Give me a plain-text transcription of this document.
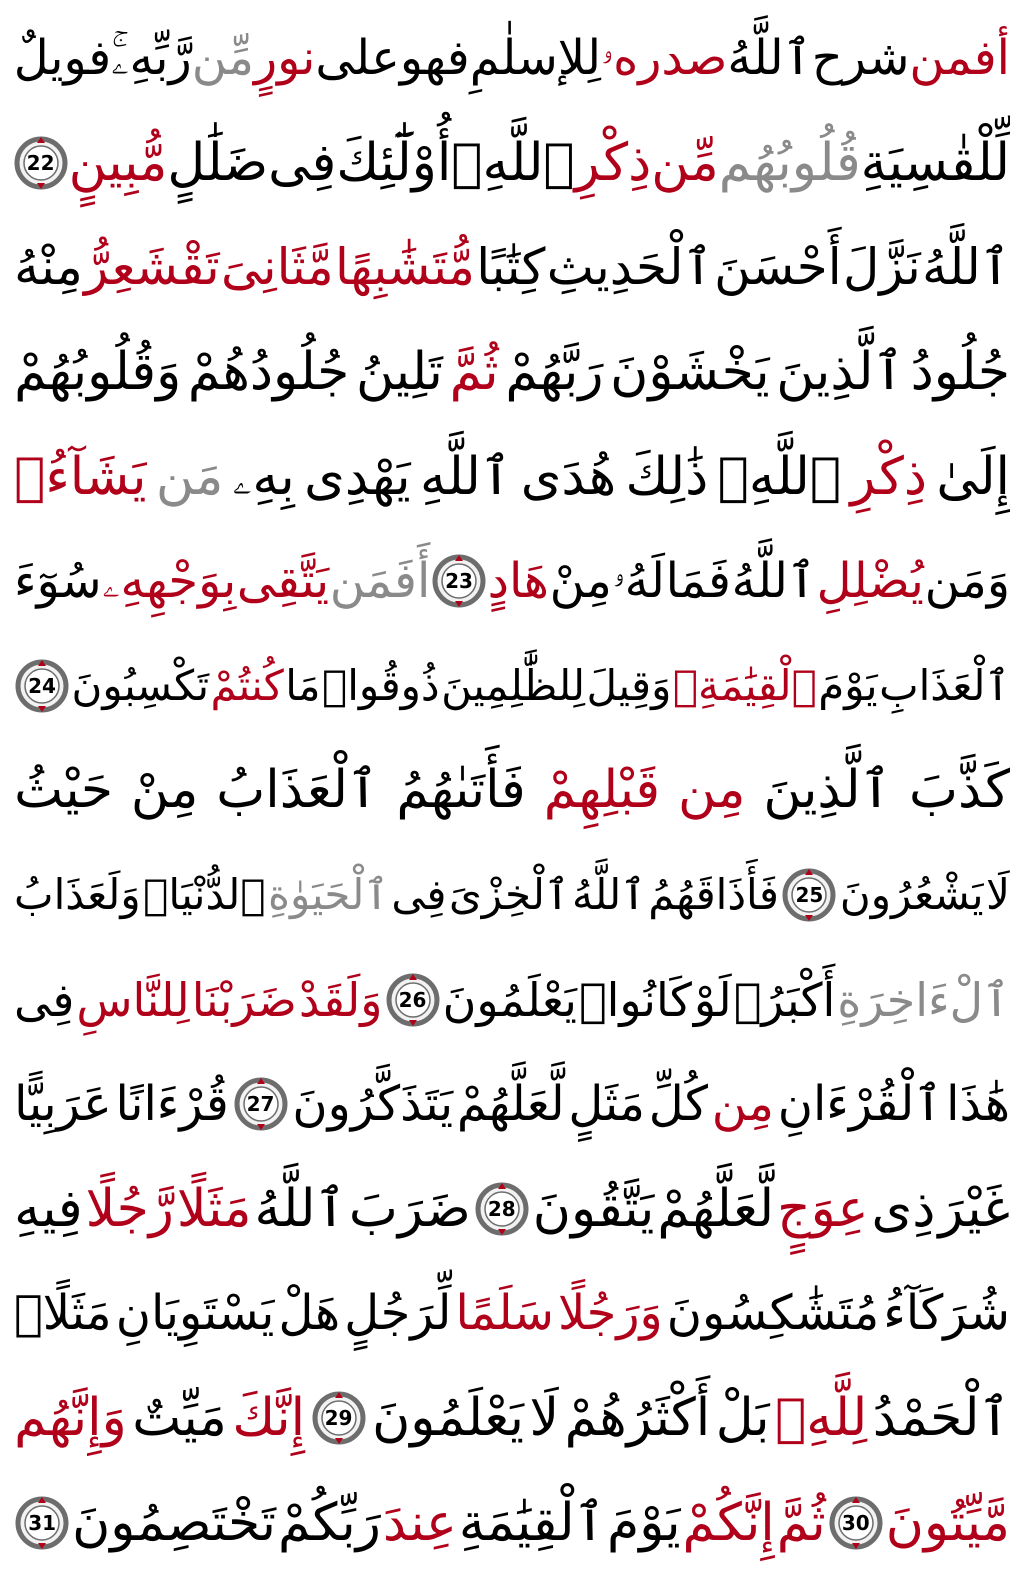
أفمن
شرح
ٱللَّهُ
صدرهۥ
لِلإسلٰمِ
فهو
على
نورٍ
مِّن
رَّبِّهِۦۚ
فويلٌ
لِّلْقٰسِيَةِ
قُلُوبُهُم
مِّن
ذِكْرِ
ٱللَّهِۚ
أُوْلَٰٓئِكَ
فِى
ضَلَٰلٍ
مُّبِينٍ
22
ٱللَّهُ
نَزَّلَ
أَحْسَنَ
ٱلْحَدِيثِ
كِتَٰبًا
مُّتَشَٰبِهًا
مَّثَانِىَ
تَقْشَعِرُّ
مِنْهُ
جُلُودُ
ٱلَّذِينَ
يَخْشَوْنَ
رَبَّهُمْ
ثُمَّ
تَلِينُ
جُلُودُهُمْ
وَقُلُوبُهُمْ
إِلَىٰ
ذِكْرِ
ٱللَّهِۚ
ذَٰلِكَ
هُدَى
ٱللَّهِ
يَهْدِى
بِهِۦ
مَن
يَشَآءُۚ
وَمَن
يُضْلِلِ
ٱللَّهُ
فَمَا
لَهُۥ
مِنْ
هَادٍ
23
أَفَمَن
يَتَّقِى
بِوَجْهِهِۦ
سُوٓءَ
ٱلْعَذَابِ
يَوْمَ
ٱلْقِيَٰمَةِۚ
وَقِيلَ
لِلظَّٰلِمِينَ
ذُوقُوا۟
مَا
كُنتُمْ
تَكْسِبُونَ
24
كَذَّبَ
ٱلَّذِينَ
مِن
قَبْلِهِمْ
فَأَتَىٰهُمُ
ٱلْعَذَابُ
مِنْ
حَيْثُ
لَا
يَشْعُرُونَ
25
فَأَذَاقَهُمُ
ٱللَّهُ
ٱلْخِزْىَ
فِى
ٱلْحَيَوٰةِ
ٱلدُّنْيَاۖ
وَلَعَذَابُ
ٱلْءَاخِرَةِ
أَكْبَرُۚ
لَوْ
كَانُوا۟
يَعْلَمُونَ
26
وَلَقَدْ
ضَرَبْنَا
لِلنَّاسِ
فِى
هَٰذَا
ٱلْقُرْءَانِ
مِن
كُلِّ
مَثَلٍ
لَّعَلَّهُمْ
يَتَذَكَّرُونَ
27
قُرْءَانًا
عَرَبِيًّا
غَيْرَ
ذِى
عِوَجٍ
لَّعَلَّهُمْ
يَتَّقُونَ
28
ضَرَبَ
ٱللَّهُ
مَثَلًا
رَّجُلًا
فِيهِ
شُرَكَآءُ
مُتَشَٰكِسُونَ
وَرَجُلًا
سَلَمًا
لِّرَجُلٍ
هَلْ
يَسْتَوِيَانِ
مَثَلًاۚ
ٱلْحَمْدُ
لِلَّهِۚ
بَلْ
أَكْثَرُهُمْ
لَا
يَعْلَمُونَ
29
إِنَّكَ
مَيِّتٌ
وَإِنَّهُم
مَّيِّتُونَ
30
ثُمَّ
إِنَّكُمْ
يَوْمَ
ٱلْقِيَٰمَةِ
عِندَ
رَبِّكُمْ
تَخْتَصِمُونَ
31
